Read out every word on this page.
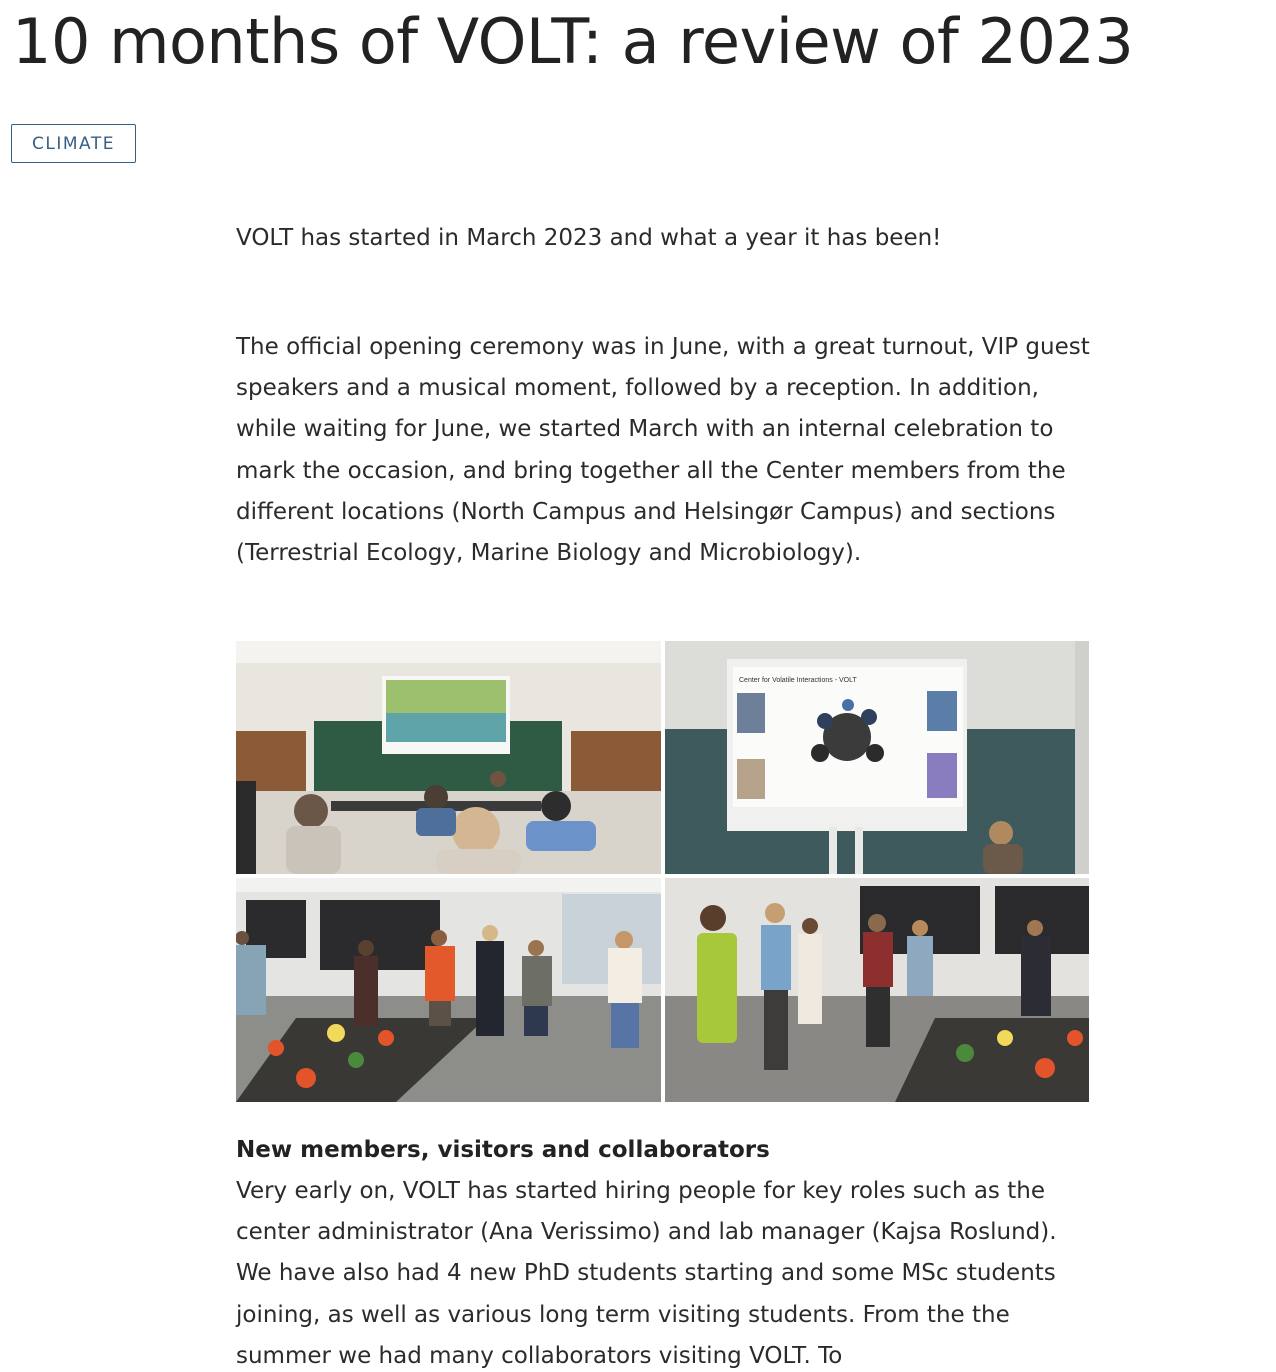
10 months of VOLT: a review of 2023
CLIMATE

VOLT has started in March 2023 and what a year it has been!

The official opening ceremony was in June, with a great turnout, VIP guest speakers and a musical moment, followed by a reception. In addition, while waiting for June, we started March with an internal celebration to mark the occasion, and bring together all the Center members from the different locations (North Campus and Helsingør Campus) and sections (Terrestrial Ecology, Marine Biology and Microbiology).

Center for Volatile Interactions - VOLT
New members, visitors and collaborators

Very early on, VOLT has started hiring people for key roles such as the center administrator (Ana Verissimo) and lab manager (Kajsa Roslund). We have also had 4 new PhD students starting and some MSc students joining, as well as various long term visiting students. From the the summer we had many collaborators visiting VOLT. To
